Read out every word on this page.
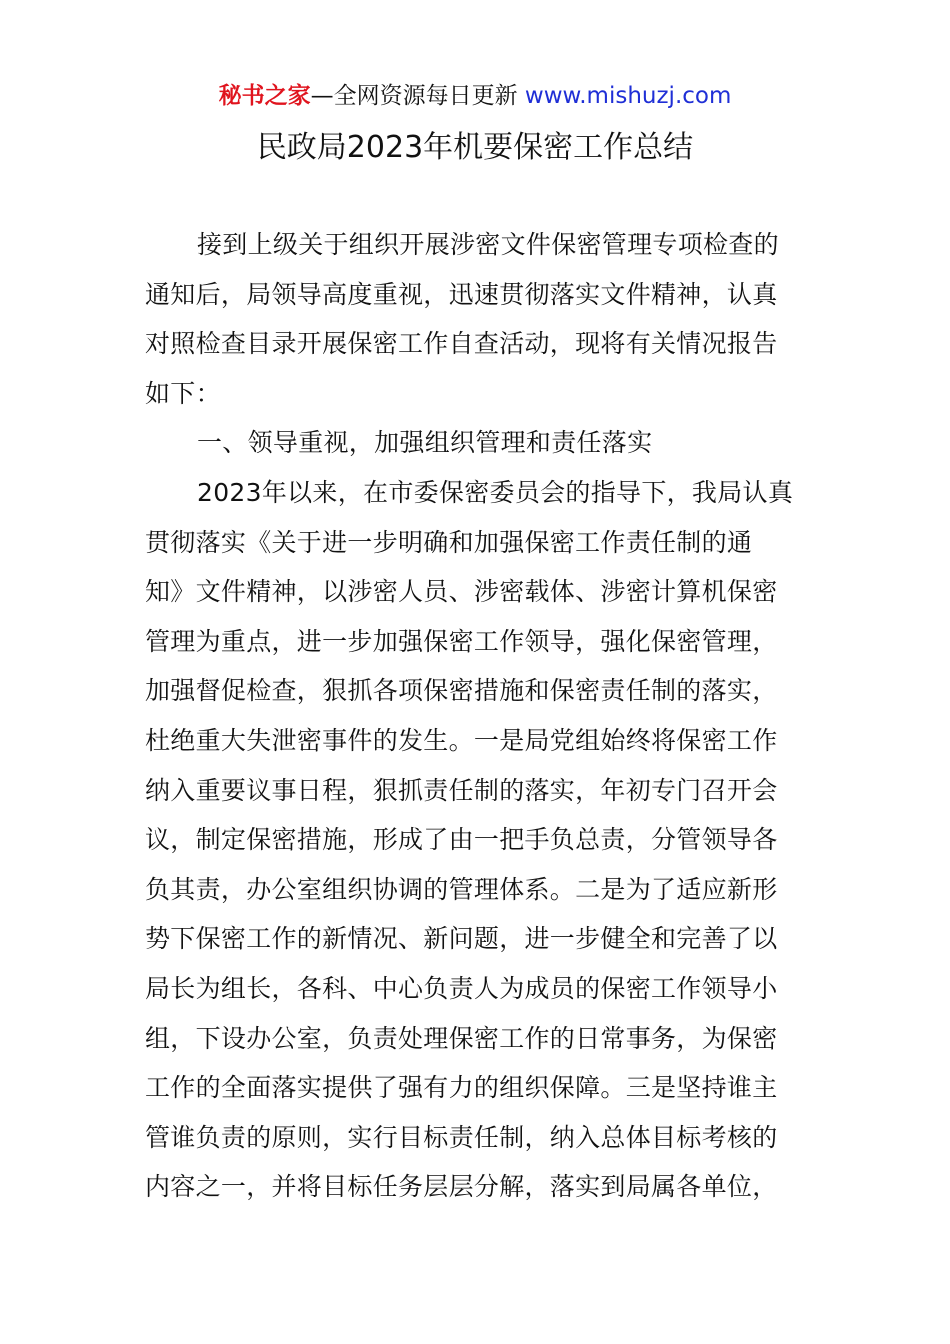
秘书之家—全网资源每日更新 www.mishuzj.com
民政局2023年机要保密工作总结
接到上级关于组织开展涉密文件保密管理专项检查的
通知后，局领导高度重视，迅速贯彻落实文件精神，认真
对照检查目录开展保密工作自查活动，现将有关情况报告
如下：
一、领导重视，加强组织管理和责任落实
2023年以来，在市委保密委员会的指导下，我局认真
贯彻落实《关于进一步明确和加强保密工作责任制的通
知》文件精神，以涉密人员、涉密载体、涉密计算机保密
管理为重点，进一步加强保密工作领导，强化保密管理，
加强督促检查，狠抓各项保密措施和保密责任制的落实，
杜绝重大失泄密事件的发生。一是局党组始终将保密工作
纳入重要议事日程，狠抓责任制的落实，年初专门召开会
议，制定保密措施，形成了由一把手负总责，分管领导各
负其责，办公室组织协调的管理体系。二是为了适应新形
势下保密工作的新情况、新问题，进一步健全和完善了以
局长为组长，各科、中心负责人为成员的保密工作领导小
组，下设办公室，负责处理保密工作的日常事务，为保密
工作的全面落实提供了强有力的组织保障。三是坚持谁主
管谁负责的原则，实行目标责任制，纳入总体目标考核的
内容之一，并将目标任务层层分解，落实到局属各单位，
